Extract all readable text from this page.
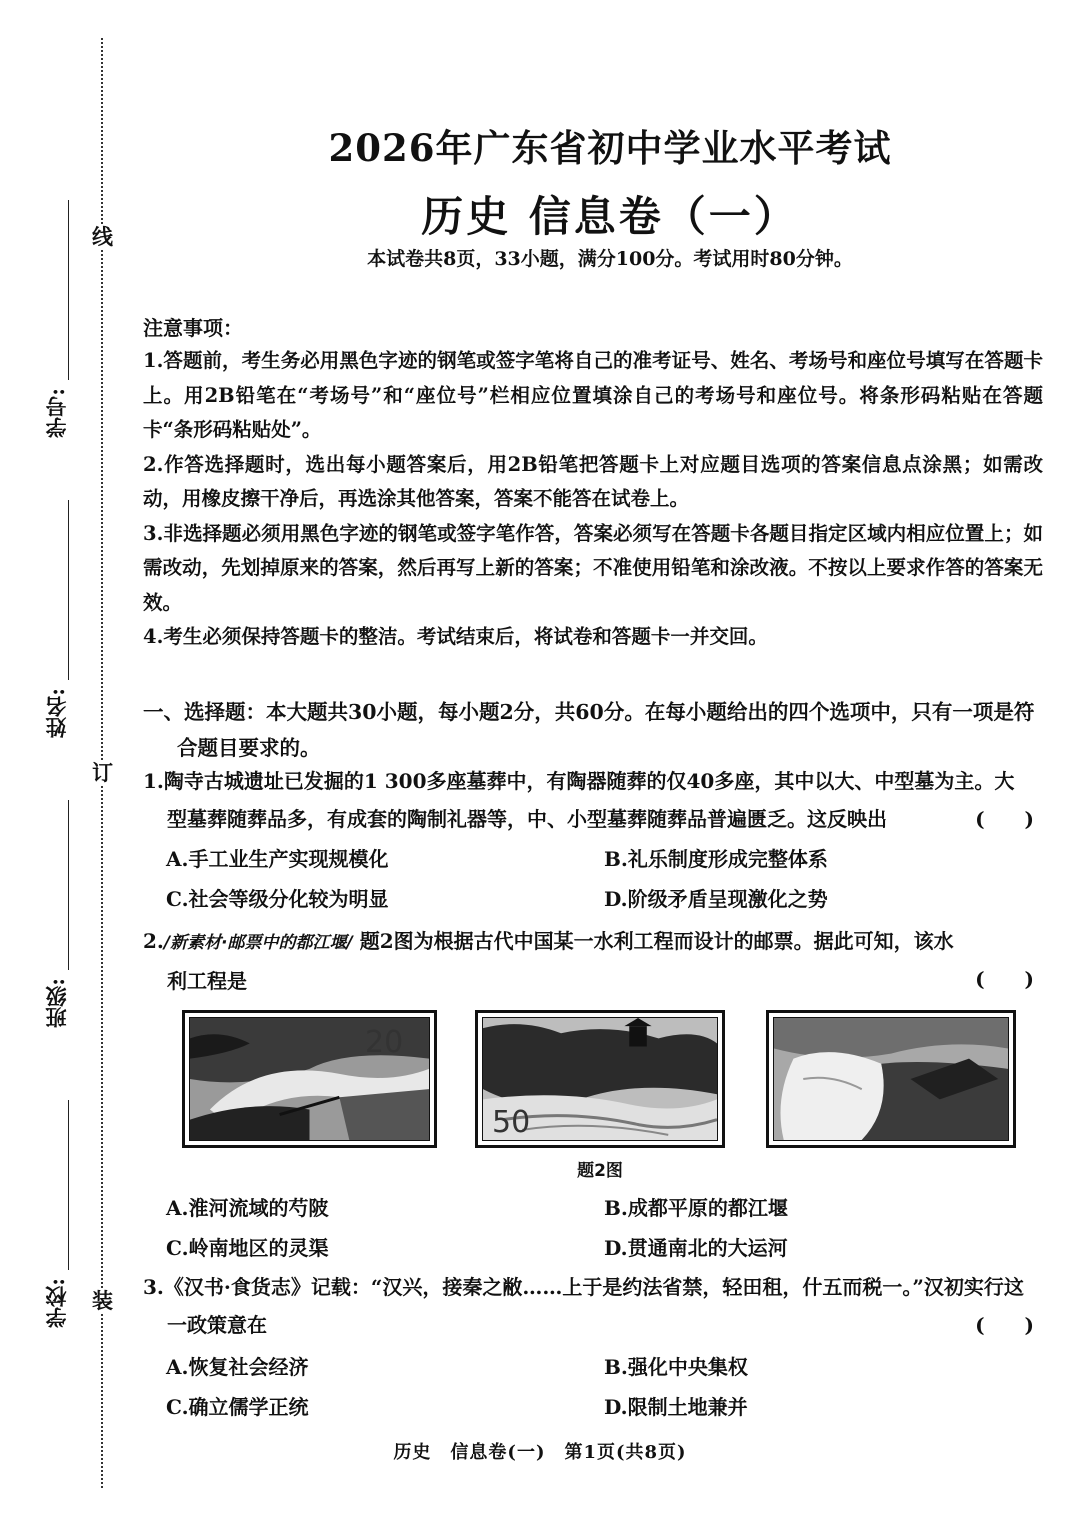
线
订
装
学号:
姓名:
班级:
学校:
2026年广东省初中学业水平考试
历史 信息卷（一）
本试卷共8页，33小题，满分100分。考试用时80分钟。
注意事项：

1.答题前，考生务必用黑色字迹的钢笔或签字笔将自己的准考证号、姓名、考场号和座位号填写在答题卡上。用2B铅笔在“考场号”和“座位号”栏相应位置填涂自己的考场号和座位号。将条形码粘贴在答题卡“条形码粘贴处”。

2.作答选择题时，选出每小题答案后，用2B铅笔把答题卡上对应题目选项的答案信息点涂黑；如需改动，用橡皮擦干净后，再选涂其他答案，答案不能答在试卷上。

3.非选择题必须用黑色字迹的钢笔或签字笔作答，答案必须写在答题卡各题目指定区域内相应位置上；如需改动，先划掉原来的答案，然后再写上新的答案；不准使用铅笔和涂改液。不按以上要求作答的答案无效。

4.考生必须保持答题卡的整洁。考试结束后，将试卷和答题卡一并交回。

一、选择题：本大题共30小题，每小题2分，共60分。在每小题给出的四个选项中，只有一项是符
合题目要求的。
1.陶寺古城遗址已发掘的1 300多座墓葬中，有陶器随葬的仅40多座，其中以大、中型墓为主。大
型墓葬随葬品多，有成套的陶制礼器等，中、小型墓葬随葬品普遍匮乏。这反映出	(　　)
A.手工业生产实现规模化	B.礼乐制度形成完整体系
C.社会等级分化较为明显	D.阶级矛盾呈现激化之势
2./新素材·邮票中的都江堰/ 题2图为根据古代中国某一水利工程而设计的邮票。据此可知，该水
利工程是	(　　)
20
50
题2图
A.淮河流域的芍陂	B.成都平原的都江堰
C.岭南地区的灵渠	D.贯通南北的大运河
3.《汉书·食货志》记载：“汉兴，接秦之敝……上于是约法省禁，轻田租，什五而税一。”汉初实行这
一政策意在	(　　)
A.恢复社会经济	B.强化中央集权
C.确立儒学正统	D.限制土地兼并
历史　信息卷(一)　第1页(共8页)
